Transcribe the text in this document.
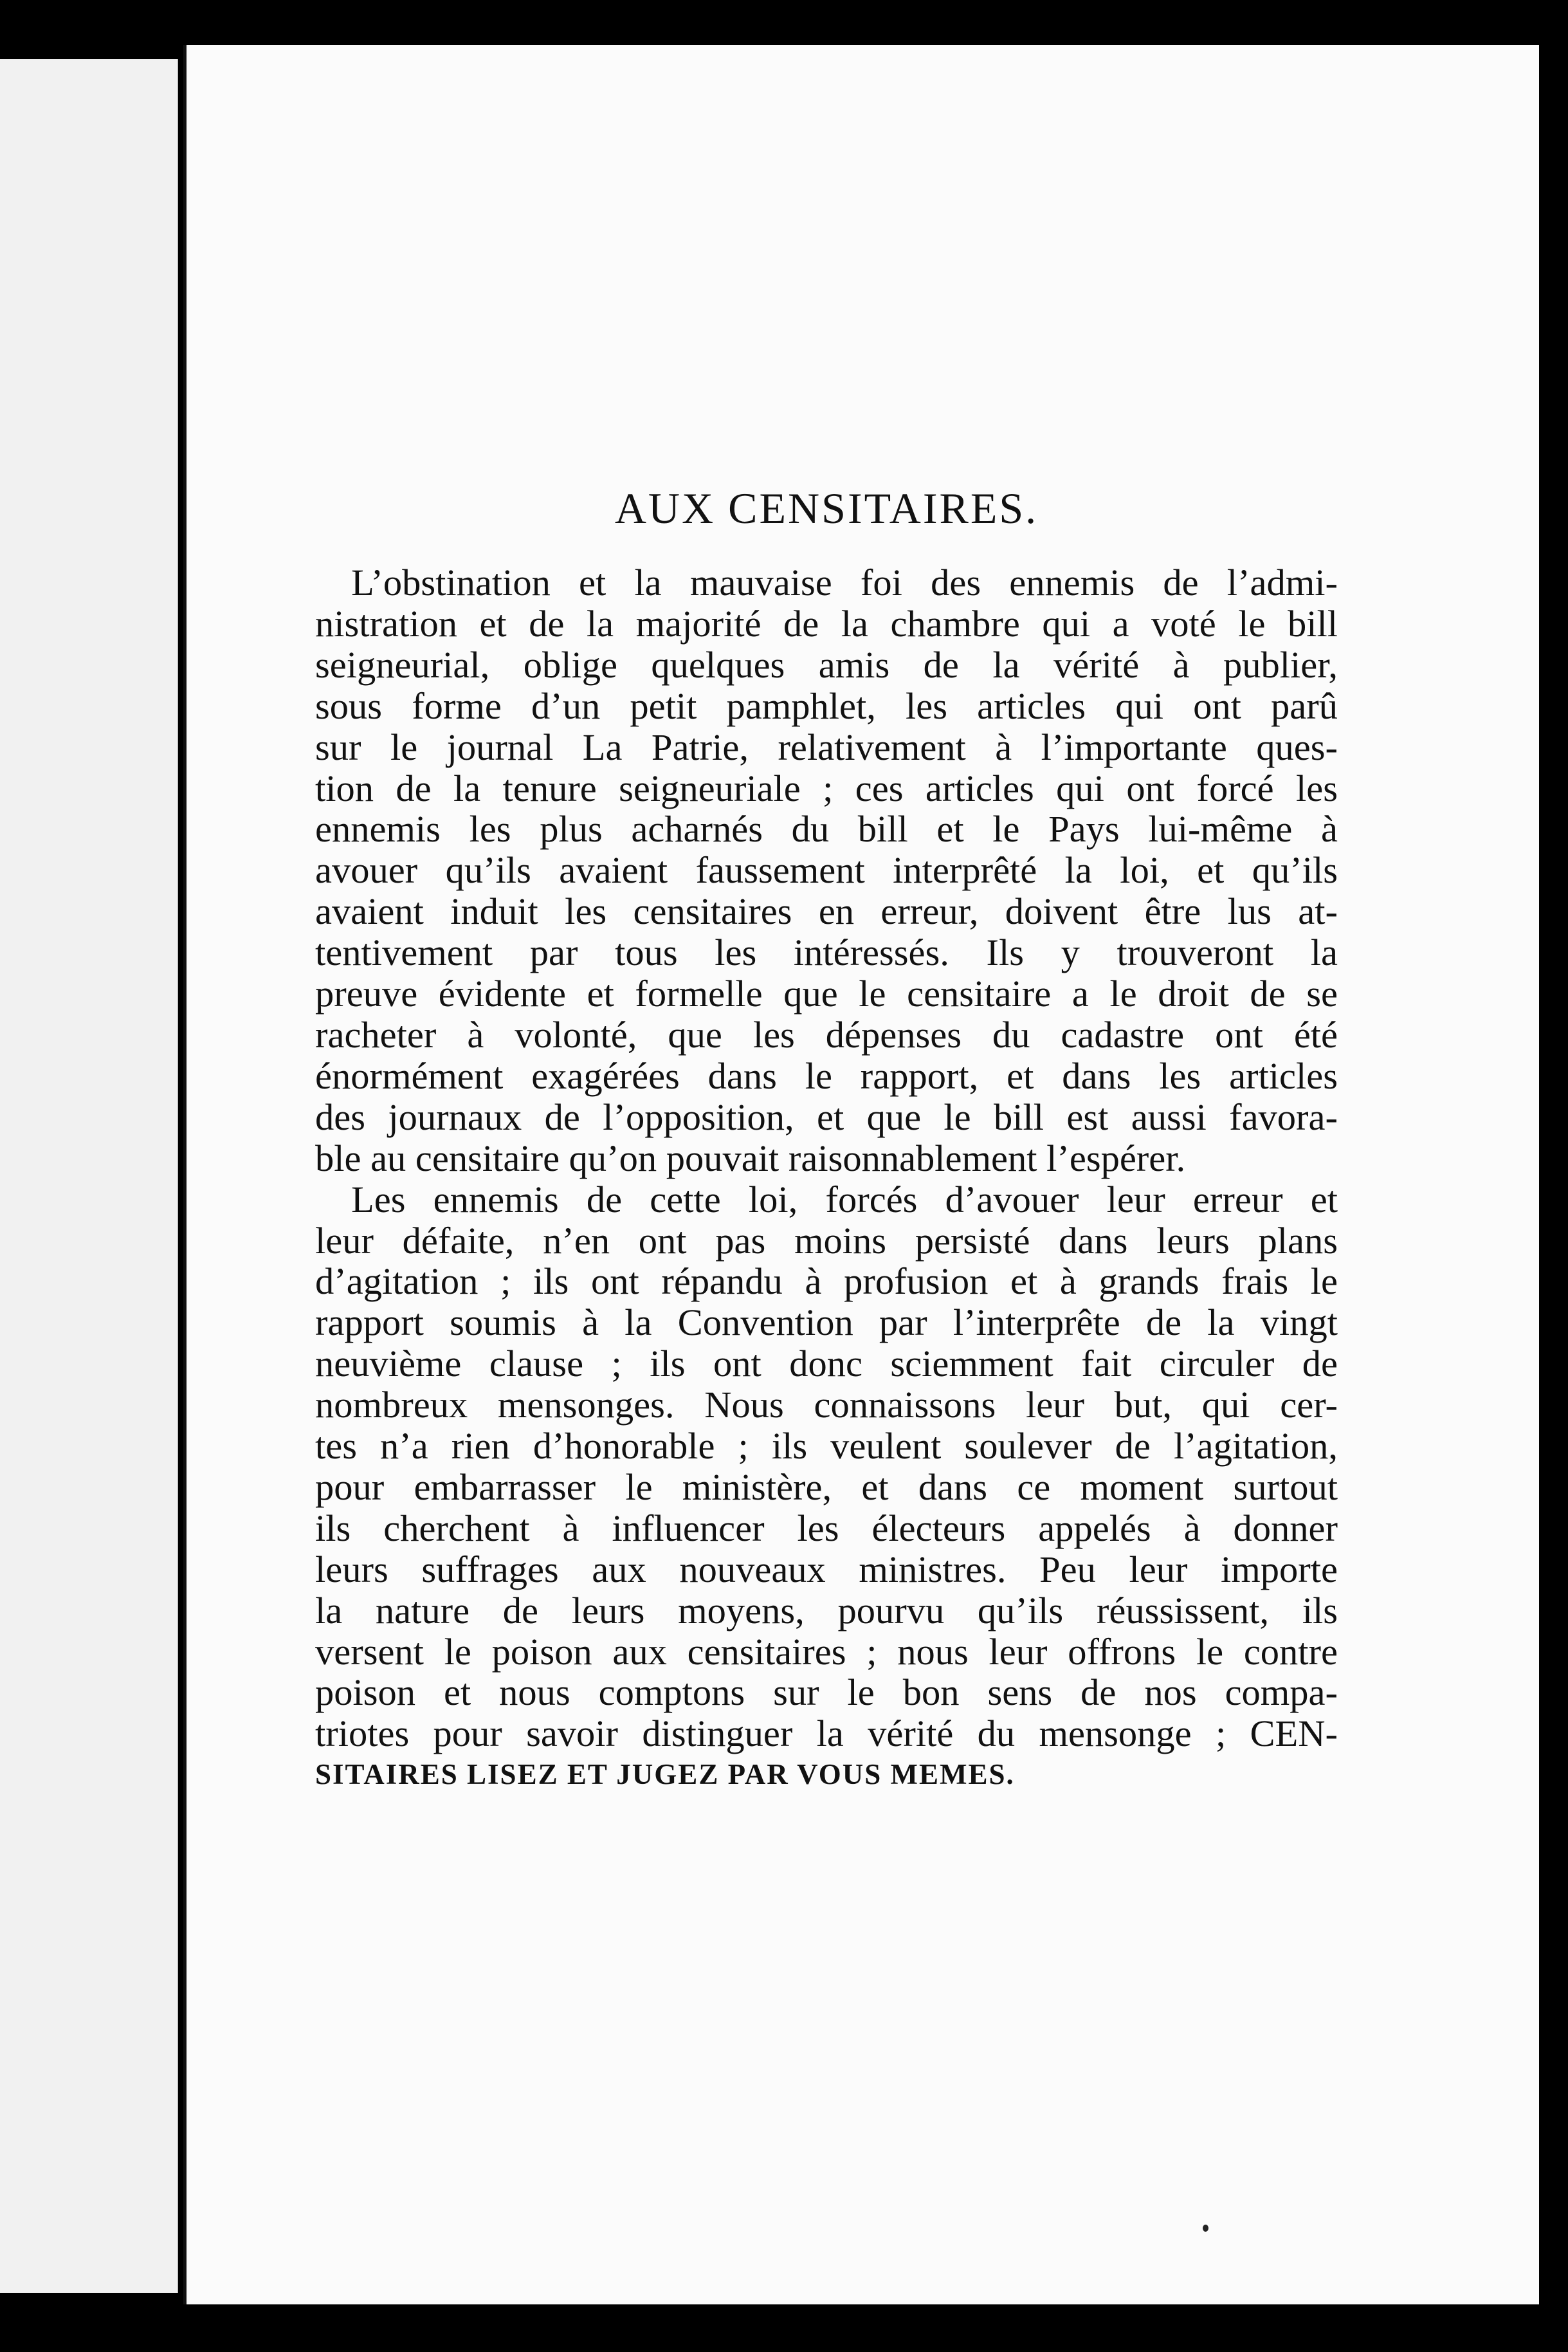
AUX CENSITAIRES.
L’obstination et la mauvaise foi des ennemis de l’admi-
nistration et de la majorité de la chambre qui a voté le bill
seigneurial, oblige quelques amis de la vérité à publier,
sous forme d’un petit pamphlet, les articles qui ont parû
sur le journal La Patrie, relativement à l’importante ques-
tion de la tenure seigneuriale ; ces articles qui ont forcé les
ennemis les plus acharnés du bill et le Pays lui-même à
avouer qu’ils avaient faussement interprêté la loi, et qu’ils
avaient induit les censitaires en erreur, doivent être lus at-
tentivement par tous les intéressés. Ils y trouveront la
preuve évidente et formelle que le censitaire a le droit de se
racheter à volonté, que les dépenses du cadastre ont été
énormément exagérées dans le rapport, et dans les articles
des journaux de l’opposition, et que le bill est aussi favora-
ble au censitaire qu’on pouvait raisonnablement l’espérer.
Les ennemis de cette loi, forcés d’avouer leur erreur et
leur défaite, n’en ont pas moins persisté dans leurs plans
d’agitation ; ils ont répandu à profusion et à grands frais le
rapport soumis à la Convention par l’interprête de la vingt
neuvième clause ; ils ont donc sciemment fait circuler de
nombreux mensonges. Nous connaissons leur but, qui cer-
tes n’a rien d’honorable ; ils veulent soulever de l’agitation,
pour embarrasser le ministère, et dans ce moment surtout
ils cherchent à influencer les électeurs appelés à donner
leurs suffrages aux nouveaux ministres. Peu leur importe
la nature de leurs moyens, pourvu qu’ils réussissent, ils
versent le poison aux censitaires ; nous leur offrons le contre
poison et nous comptons sur le bon sens de nos compa-
triotes pour savoir distinguer la vérité du mensonge ; CEN-
SITAIRES LISEZ ET JUGEZ PAR VOUS MEMES.
